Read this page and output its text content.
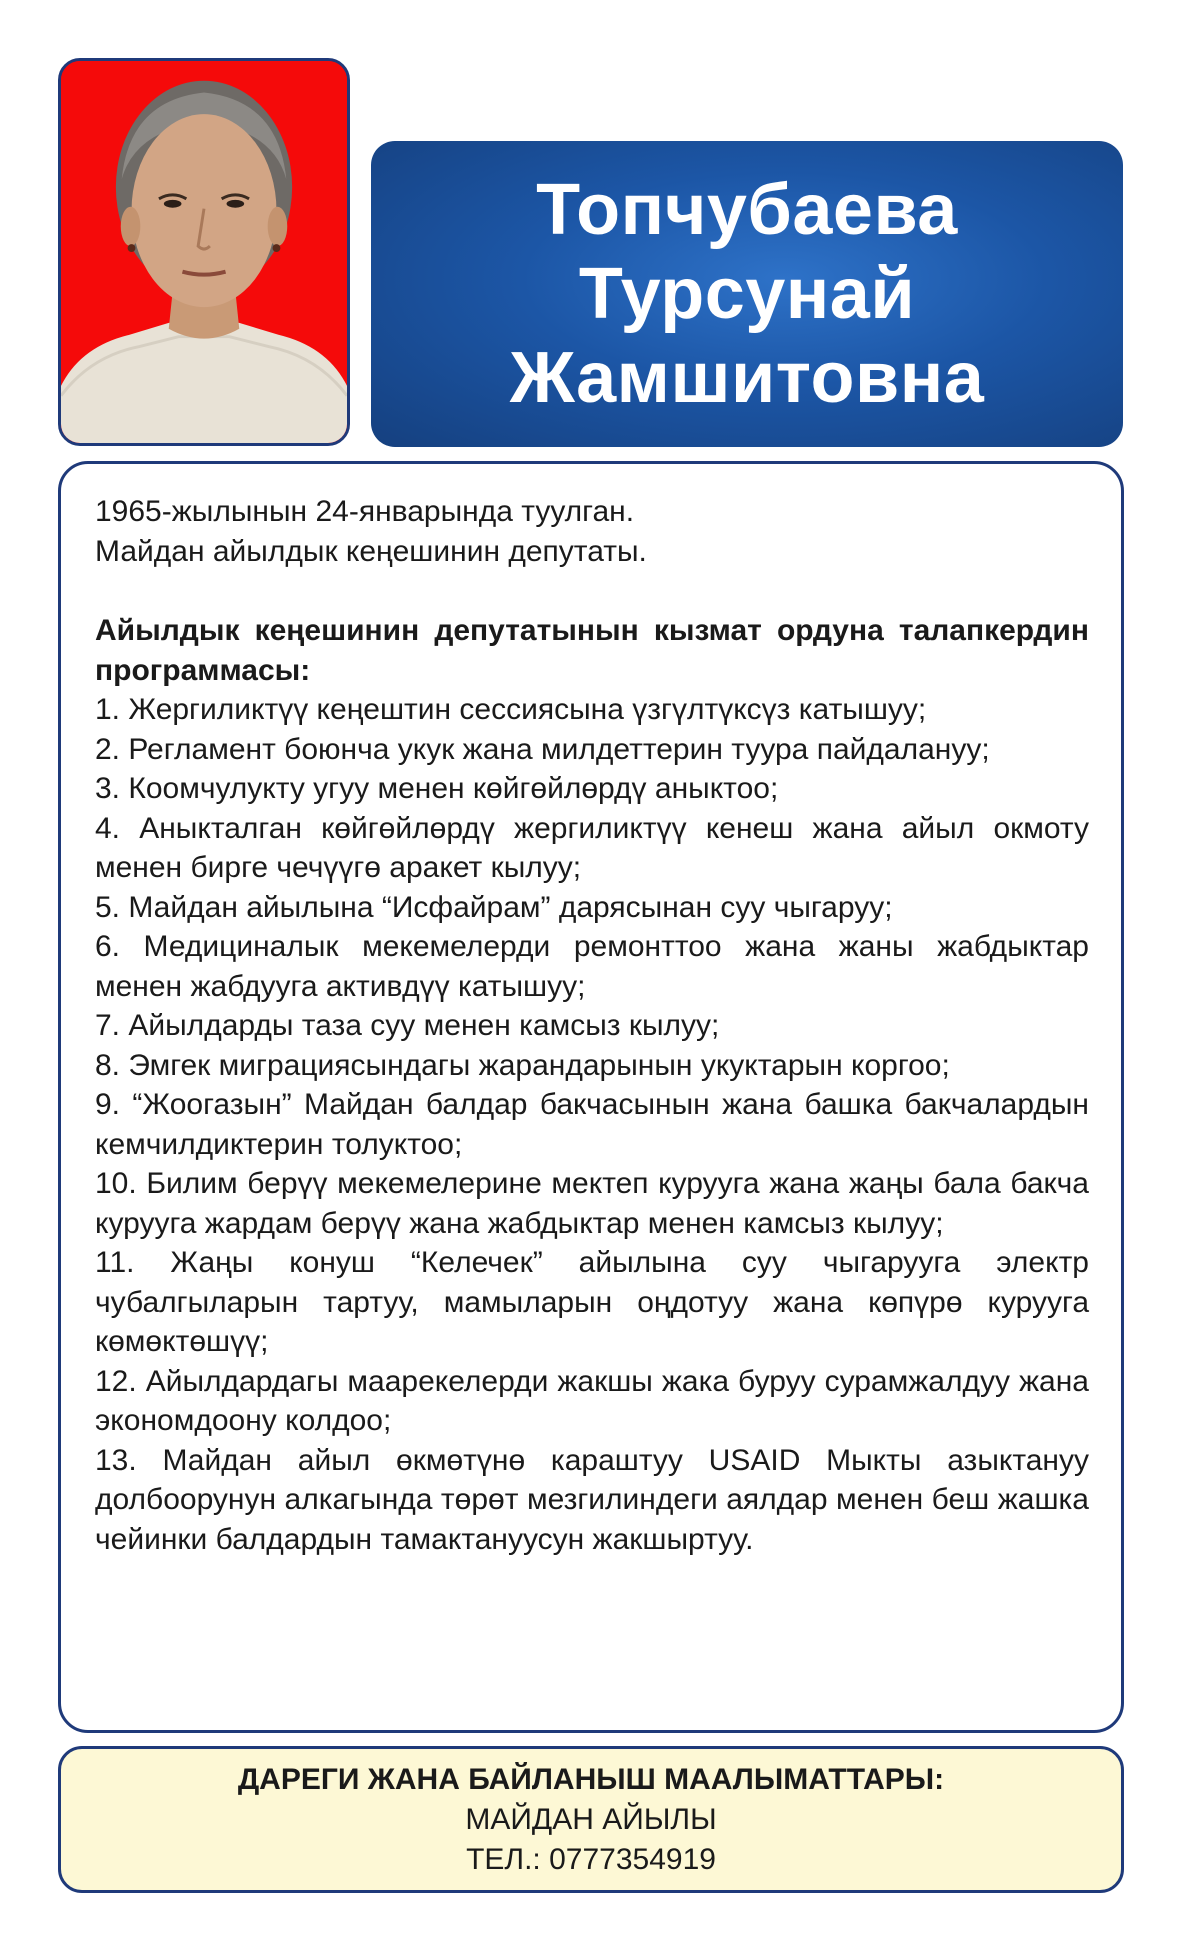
Топчубаева
Турсунай
Жамшитовна

1965-жылынын 24-январында туулган.

Майдан айылдык кеңешинин депутаты.

Айылдык кеңешинин депутатынын кызмат ордуна талапкердин программасы:

1. Жергиликтүү кеңештин сессиясына үзгүлтүксүз катышуу;

2. Регламент боюнча укук жана милдеттерин туура пайдалануу;

3. Коомчулукту угуу менен көйгөйлөрдү аныктоо;

4. Аныкталган көйгөйлөрдү жергиликтүү кенеш жана айыл окмоту менен бирге чечүүгө аракет кылуу;

5. Майдан айылына “Исфайрам” дарясынан суу чыгаруу;

6. Медициналык мекемелерди ремонттоо жана жаны жабдыктар менен жабдууга активдүү катышуу;

7. Айылдарды таза суу менен камсыз кылуу;

8. Эмгек миграциясындагы жарандарынын укуктарын коргоо;

9. “Жоогазын” Майдан балдар бакчасынын жана башка бакчалардын кемчилдиктерин толуктоо;

10. Билим берүү мекемелерине мектеп курууга жана жаңы бала бакча курууга жардам берүү жана жабдыктар менен камсыз кылуу;

11. Жаңы конуш “Келечек” айылына суу чыгарууга электр чубалгыларын тартуу, мамыларын оңдотуу жана көпүрө курууга көмөктөшүү;

12. Айылдардагы маарекелерди жакшы жака буруу сурамжалдуу жана экономдоону колдоо;

13. Майдан айыл өкмөтүнө караштуу USAID Мыкты азыктануу долбоорунун алкагында төрөт мезгилиндеги аялдар менен беш жашка чейинки балдардын тамактануусун жакшыртуу.

ДАРЕГИ ЖАНА БАЙЛАНЫШ МААЛЫМАТТАРЫ:
МАЙДАН АЙЫЛЫ
ТЕЛ.: 0777354919
